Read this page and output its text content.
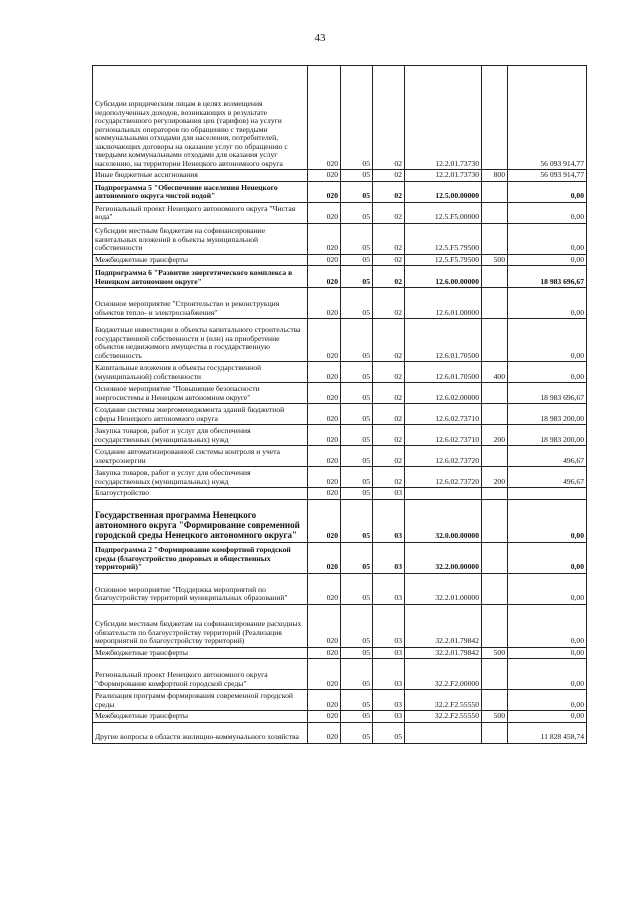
43
Субсидии юридическим лицам в целях возмещения недополученных доходов, возникающих в результате государственного регулирования цен (тарифов) на услуги региональных операторов по обращению с твердыми коммунальными отходами для населения, потребителей, заключающих договоры на оказание услуг по обращению с твердыми коммунальными отходами для оказания услуг населению, на территории Ненецкого автономного округа	020	05	02	12.2.01.73730		56 093 914,77
Иные бюджетные ассигнования	020	05	02	12.2.01.73730	800	56 093 914,77
Подпрограмма 5 "Обеспечение населения Ненецкого автономного округа чистой водой"	020	05	02	12.5.00.00000		0,00
Региональный проект Ненецкого автономного округа "Чистая вода"	020	05	02	12.5.F5.00000		0,00
Субсидии местным бюджетам на софинансирование капитальных вложений в объекты муниципальной собственности	020	05	02	12.5.F5.79500		0,00
Межбюджетные трансферты	020	05	02	12.5.F5.79500	500	0,00
Подпрограмма 6 "Развитие энергетического комплекса в Ненецком автономном округе"	020	05	02	12.6.00.00000		18 983 696,67
Основное мероприятие "Строительство и реконструкция объектов тепло- и электроснабжения"	020	05	02	12.6.01.00000		0,00
Бюджетные инвестиции в объекты капитального строительства государственной собственности и (или) на приобретение объектов недвижимого имущества в государственную собственность	020	05	02	12.6.01.70500		0,00
Капитальные вложения в объекты государственной (муниципальной) собственности	020	05	02	12.6.01.70500	400	0,00
Основное мероприятие "Повышение безопасности энергосистемы в Ненецком автономном округе"	020	05	02	12.6.02.00000		18 983 696,67
Создание системы энергоменеджмента зданий бюджетной сферы Ненецкого автономного округа	020	05	02	12.6.02.73710		18 983 200,00
Закупка товаров, работ и услуг для обеспечения государственных (муниципальных) нужд	020	05	02	12.6.02.73710	200	18 983 200,00
Создание автоматизированной системы контроля и учета электроэнергии	020	05	02	12.6.02.73720		496,67
Закупка товаров, работ и услуг для обеспечения государственных (муниципальных) нужд	020	05	02	12.6.02.73720	200	496,67
Благоустройство	020	05	03			
Государственная программа Ненецкого автономного округа "Формирование современной городской среды Ненецкого автономного округа"	020	05	03	32.0.00.00000		0,00
Подпрограмма 2 "Формирование комфортной городской среды (благоустройство дворовых и общественных территорий)"	020	05	03	32.2.00.00000		0,00
Основное мероприятие "Поддержка мероприятий по благоустройству территорий муниципальных образований"	020	05	03	32.2.01.00000		0,00
Субсидии местным бюджетам на софинансирование расходных обязательств по благоустройству территорий (Реализация мероприятий по благоустройству территорий)	020	05	03	32.2.01.79842		0,00
Межбюджетные трансферты	020	05	03	32.2.01.79842	500	0,00
Региональный проект Ненецкого автономного округа "Формирование комфортной городской среды"	020	05	03	32.2.F2.00000		0,00
Реализация программ формирования современной городской среды	020	05	03	32.2.F2.55550		0,00
Межбюджетные трансферты	020	05	03	32.2.F2.55550	500	0,00
Другие вопросы в области жилищно-коммунального хозяйства	020	05	05			11 828 458,74
